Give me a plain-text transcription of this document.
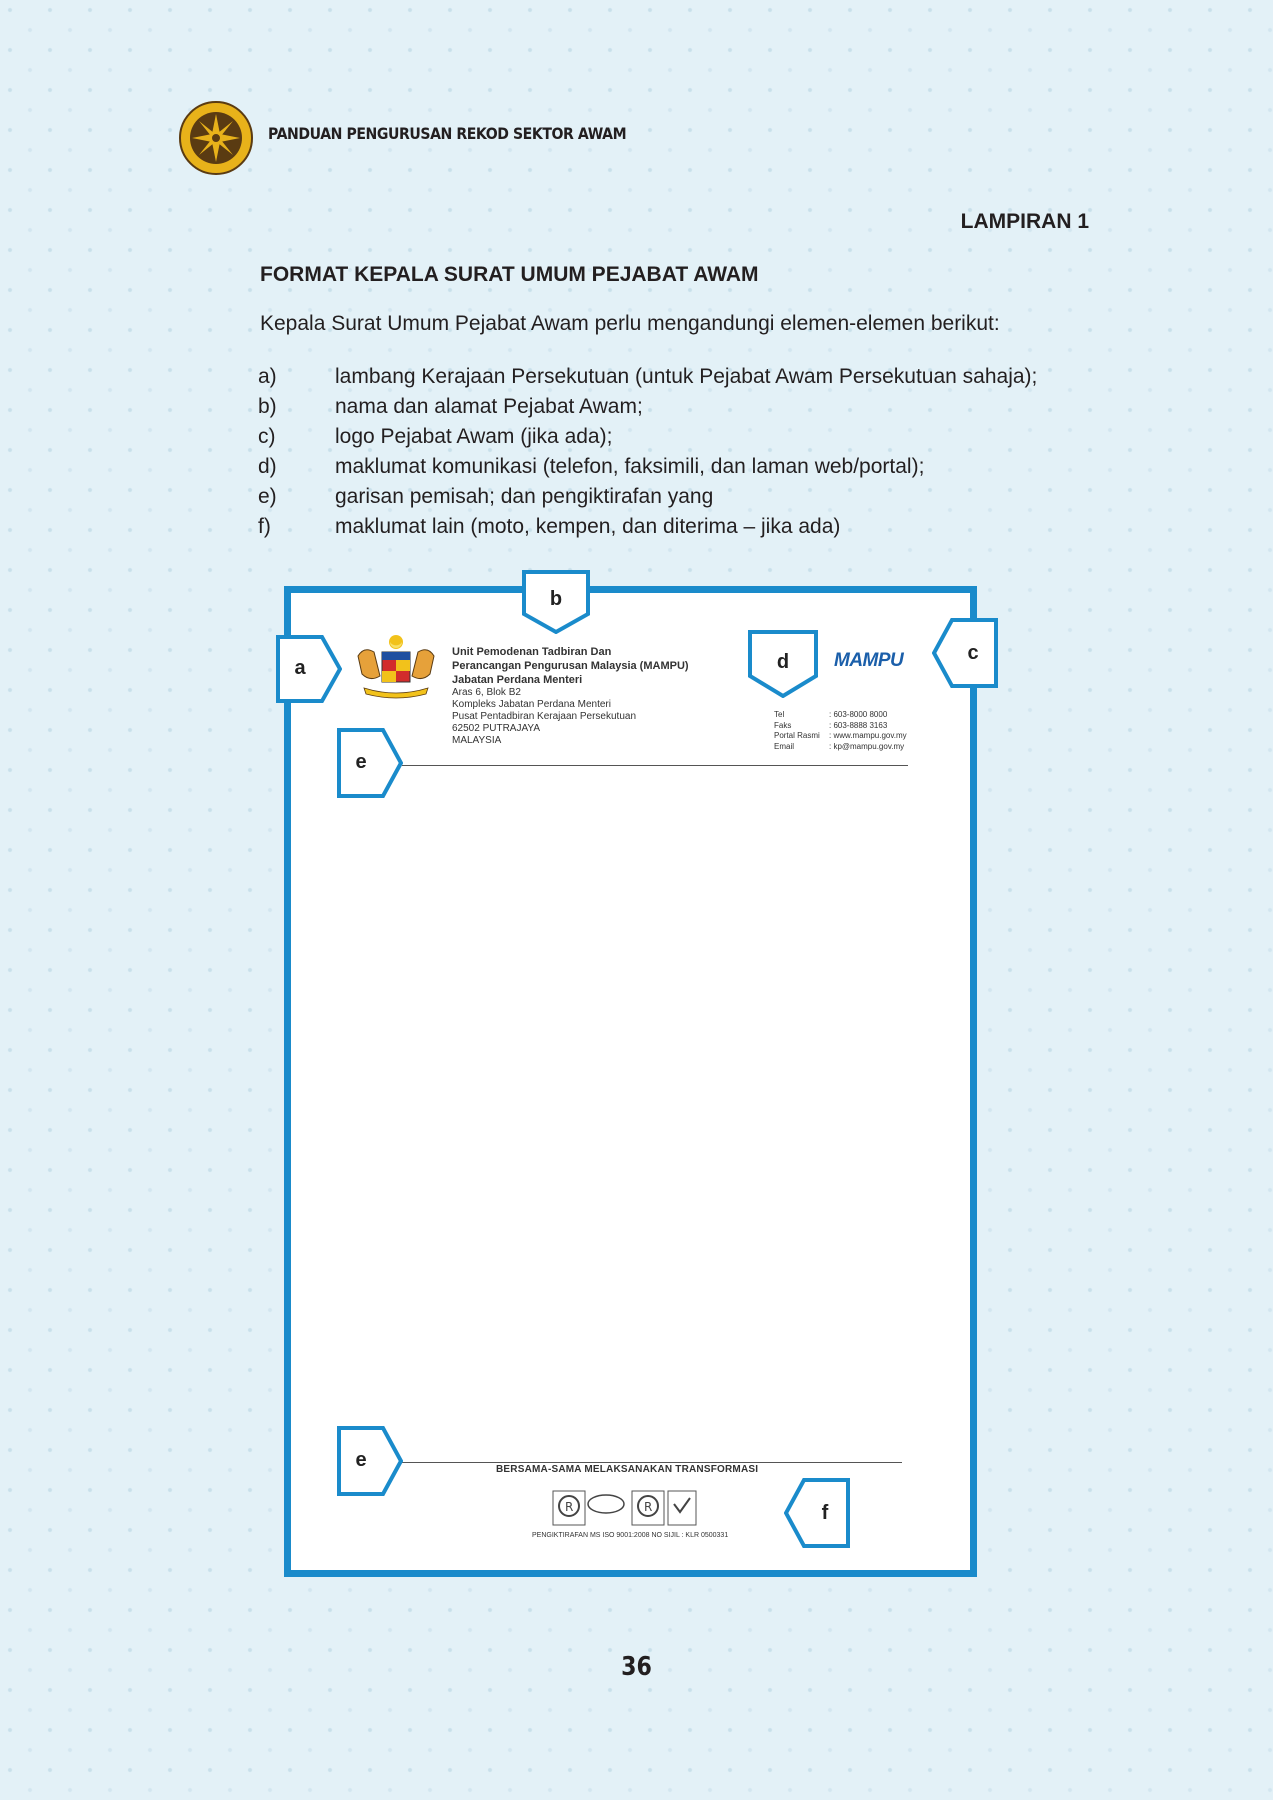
PANDUAN PENGURUSAN REKOD SEKTOR AWAM
LAMPIRAN 1
FORMAT KEPALA SURAT UMUM PEJABAT AWAM
Kepala Surat Umum Pejabat Awam perlu mengandungi elemen-elemen berikut:
a)	lambang Kerajaan Persekutuan (untuk Pejabat Awam Persekutuan sahaja);
b)	nama dan alamat Pejabat Awam;
c)	logo Pejabat Awam (jika ada);
d)	maklumat komunikasi (telefon, faksimili, dan laman web/portal);
e)	garisan pemisah; dan pengiktirafan yang
f)	maklumat lain (moto, kempen, dan diterima – jika ada)
Unit Pemodenan Tadbiran Dan
Perancangan Pengurusan Malaysia (MAMPU)
Jabatan Perdana Menteri
Aras 6, Blok B2
Kompleks Jabatan Perdana Menteri
Pusat Pentadbiran Kerajaan Persekutuan
62502 PUTRAJAYA
MALAYSIA
MAMPU
Tel	: 603-8000 8000
Faks	: 603-8888 3163
Portal Rasmi	: www.mampu.gov.my
Email	: kp@mampu.gov.my
BERSAMA-SAMA MELAKSANAKAN TRANSFORMASI
R	R
PENGIKTIRAFAN MS ISO 9001:2008 NO SIJIL : KLR 0500331
b
a	d	c
e
e
f
36
